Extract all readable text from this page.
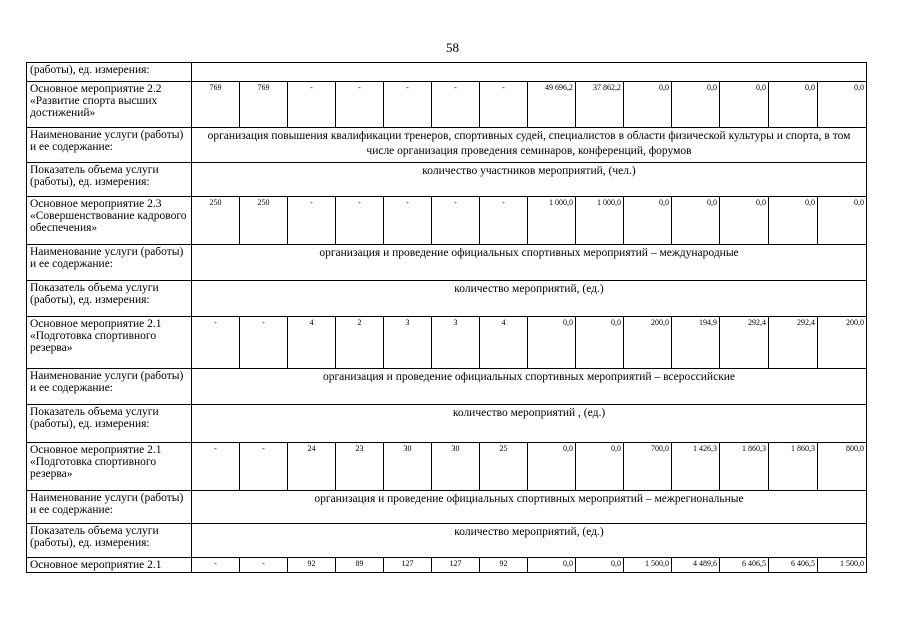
58
(работы), ед. измерения:														
Основное мероприятие 2.2 «Развитие спорта высших достижений»	769	769	-	-	-	-	-	49 696,2	37 862,2	0,0	0,0	0,0	0,0	0,0
Наименование услуги (работы) и ее содержание:	организация повышения квалификации тренеров, спортивных судей, специалистов в области физической культуры и спорта, в том числе организация проведения семинаров, конференций, форумов													
Показатель объема услуги (работы), ед. измерения:	количество участников мероприятий, (чел.)													
Основное мероприятие 2.3 «Совершенствование кадрового обеспечения»	250	250	-	-	-	-	-	1 000,0	1 000,0	0,0	0,0	0,0	0,0	0,0
Наименование услуги (работы) и ее содержание:	организация и проведение официальных спортивных мероприятий – международные													
Показатель объема услуги (работы), ед. измерения:	количество мероприятий, (ед.)													
Основное мероприятие 2.1 «Подготовка спортивного резерва»	-	-	4	2	3	3	4	0,0	0,0	200,0	194,9	292,4	292,4	200,0
Наименование услуги (работы) и ее содержание:	организация и проведение официальных спортивных мероприятий – всероссийские													
Показатель объема услуги (работы), ед. измерения:	количество мероприятий , (ед.)													
Основное мероприятие 2.1 «Подготовка спортивного резерва»	-	-	24	23	30	30	25	0,0	0,0	700,0	1 426,3	1 860,3	1 860,3	800,0
Наименование услуги (работы) и ее содержание:	организация и проведение официальных спортивных мероприятий – межрегиональные													
Показатель объема услуги (работы), ед. измерения:	количество мероприятий, (ед.)													
Основное мероприятие 2.1	-	-	92	89	127	127	92	0,0	0,0	1 500,0	4 489,6	6 406,5	6 406,5	1 500,0
